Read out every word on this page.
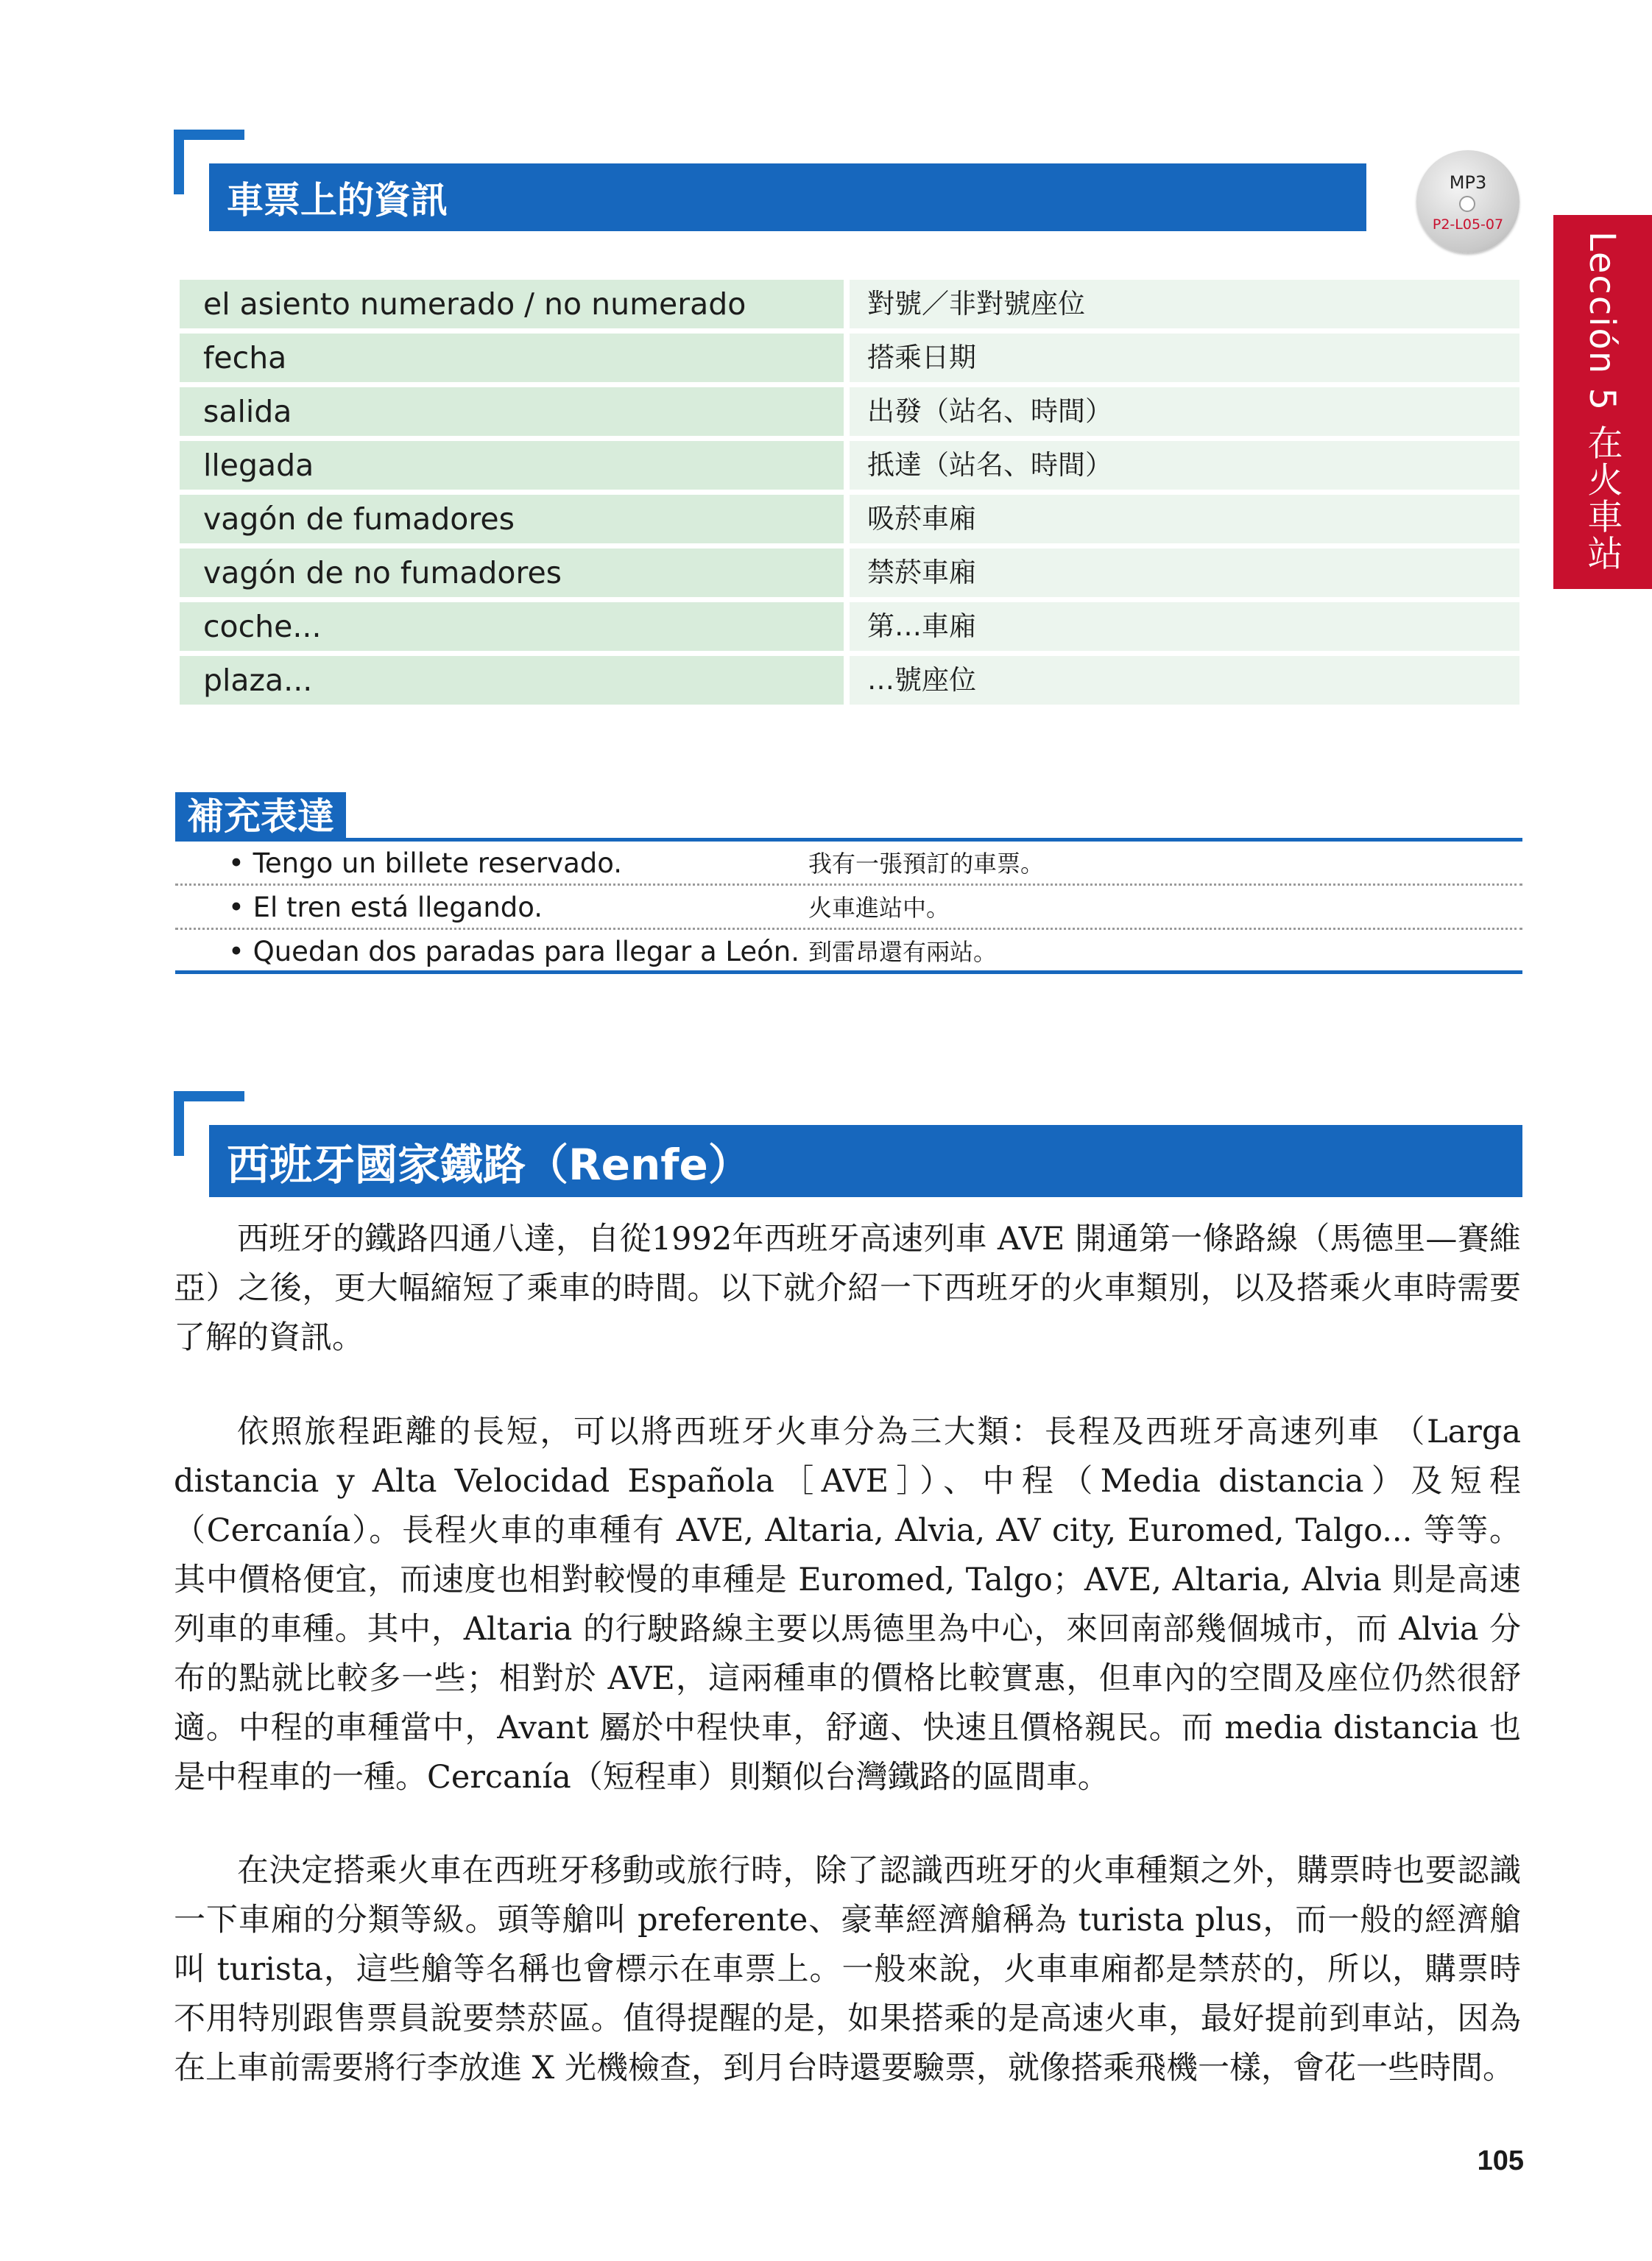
車票上的資訊	MP3
P2-L05-07
Lección 5 在火車站
el asiento numerado / no numerado	對號／非對號座位
fecha	搭乘日期
salida	出發（站名、時間）
llegada	抵達（站名、時間）
vagón de fumadores	吸菸車廂
vagón de no fumadores	禁菸車廂
coche...	第…車廂
plaza...	…號座位
補充表達
• Tengo un billete reservado.	我有一張預訂的車票。
• El tren está llegando.	火車進站中。
• Quedan dos paradas para llegar a León. 到雷昂還有兩站。
西班牙國家鐵路（Renfe）

西班牙的鐵路四通八達，自從1992年西班牙高速列車 AVE 開通第一條路線（馬德里—賽維亞）之後，更大幅縮短了乘車的時間。以下就介紹一下西班牙的火車類別，以及搭乘火車時需要了解的資訊。

依照旅程距離的長短，可以將西班牙火車分為三大類：長程及西班牙高速列車 （Larga distancia y Alta Velocidad Española［AVE］）、中程（Media distancia）及短程（Cercanía）。長程火車的車種有 AVE, Altaria, Alvia, AV city, Euromed, Talgo... 等等。其中價格便宜，而速度也相對較慢的車種是 Euromed, Talgo；AVE, Altaria, Alvia 則是高速列車的車種。其中，Altaria 的行駛路線主要以馬德里為中心，來回南部幾個城市，而 Alvia 分布的點就比較多一些；相對於 AVE，這兩種車的價格比較實惠，但車內的空間及座位仍然很舒適。中程的車種當中，Avant 屬於中程快車，舒適、快速且價格親民。而 media distancia 也是中程車的一種。Cercanía（短程車）則類似台灣鐵路的區間車。

在決定搭乘火車在西班牙移動或旅行時，除了認識西班牙的火車種類之外，購票時也要認識一下車廂的分類等級。頭等艙叫 preferente、豪華經濟艙稱為 turista plus，而一般的經濟艙叫 turista，這些艙等名稱也會標示在車票上。一般來說，火車車廂都是禁菸的，所以，購票時不用特別跟售票員說要禁菸區。值得提醒的是，如果搭乘的是高速火車，最好提前到車站，因為在上車前需要將行李放進 X 光機檢查，到月台時還要驗票，就像搭乘飛機一樣，會花一些時間。

105
